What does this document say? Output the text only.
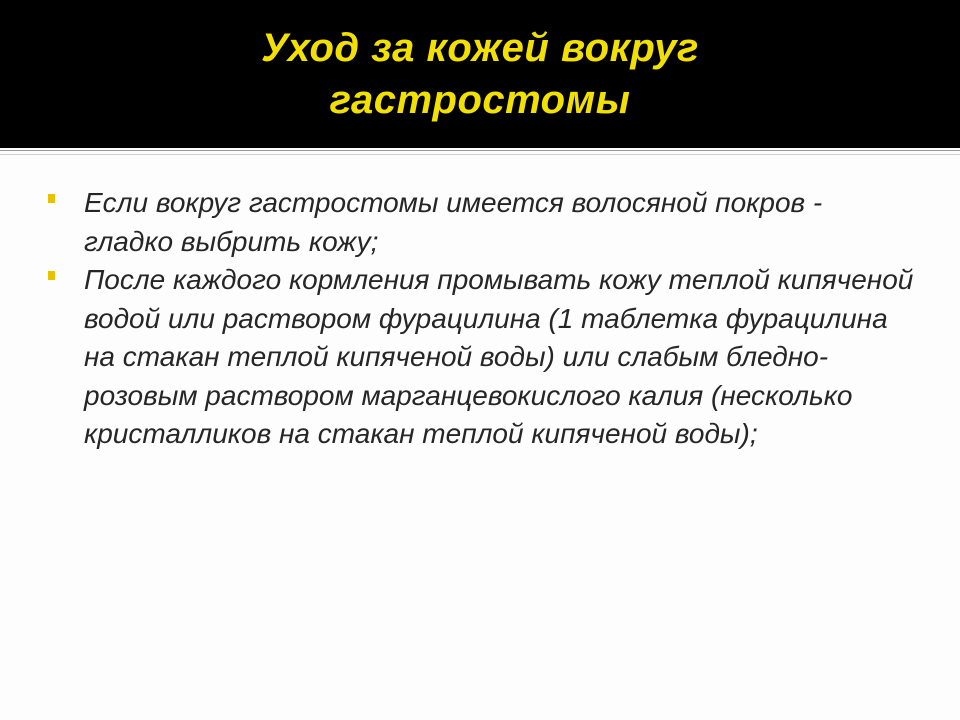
Уход за кожей вокруг гастростомы
Если вокруг гастростомы имеется волосяной покров - гладко выбрить кожу;
После каждого кормления промывать кожу теплой кипяченой водой или раствором фурацилина (1 таблетка фурацилина на стакан теплой кипяченой воды) или слабым бледно-розовым раствором марганцевокислого калия (несколько кристалликов на стакан теплой кипяченой воды);
